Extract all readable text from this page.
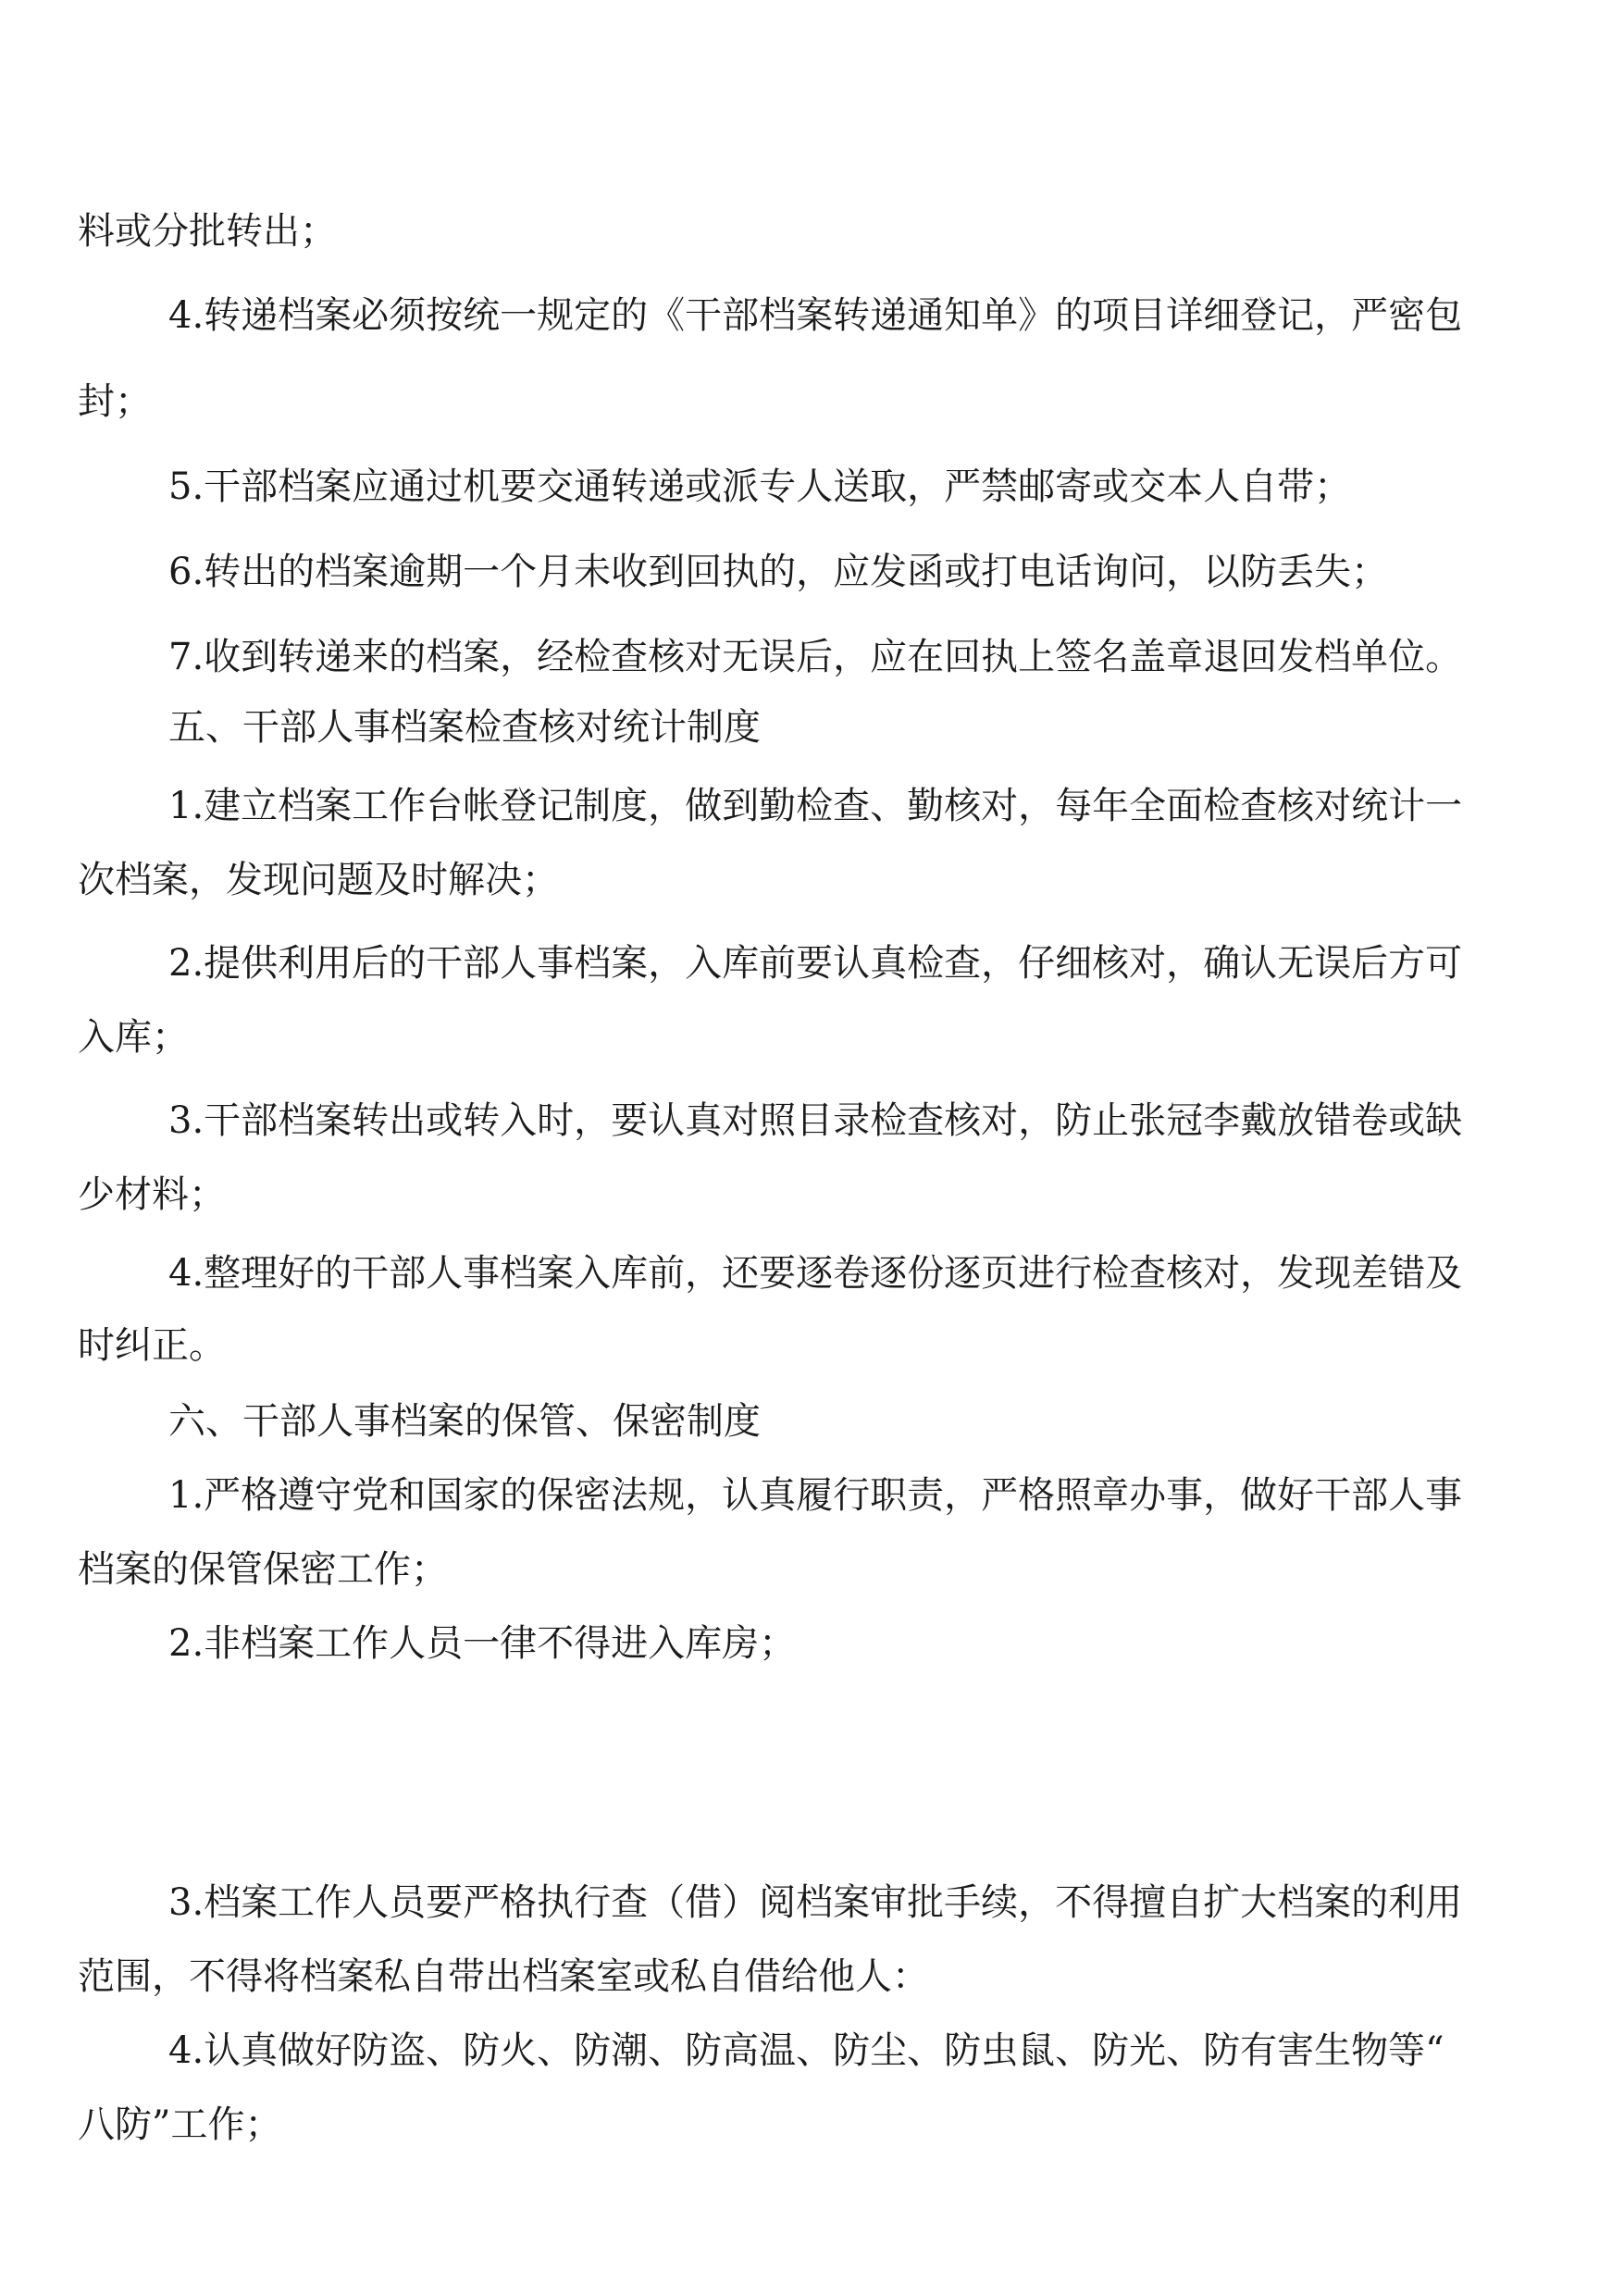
料或分批转出；
4.转递档案必须按统一规定的《干部档案转递通知单》的项目详细登记，严密包
封；
5.干部档案应通过机要交通转递或派专人送取，严禁邮寄或交本人自带；
6.转出的档案逾期一个月未收到回执的，应发函或打电话询问，以防丢失；
7.收到转递来的档案，经检查核对无误后，应在回执上签名盖章退回发档单位。
五、干部人事档案检查核对统计制度
1.建立档案工作台帐登记制度，做到勤检查、勤核对，每年全面检查核对统计一
次档案，发现问题及时解决；
2.提供利用后的干部人事档案，入库前要认真检查，仔细核对，确认无误后方可
入库；
3.干部档案转出或转入时，要认真对照目录检查核对，防止张冠李戴放错卷或缺
少材料；
4.整理好的干部人事档案入库前，还要逐卷逐份逐页进行检查核对，发现差错及
时纠正。
六、干部人事档案的保管、保密制度
1.严格遵守党和国家的保密法规，认真履行职责，严格照章办事，做好干部人事
档案的保管保密工作；
2.非档案工作人员一律不得进入库房；
3.档案工作人员要严格执行查（借）阅档案审批手续，不得擅自扩大档案的利用
范围，不得将档案私自带出档案室或私自借给他人：
4.认真做好防盗、防火、防潮、防高温、防尘、防虫鼠、防光、防有害生物等“
八防”工作；
